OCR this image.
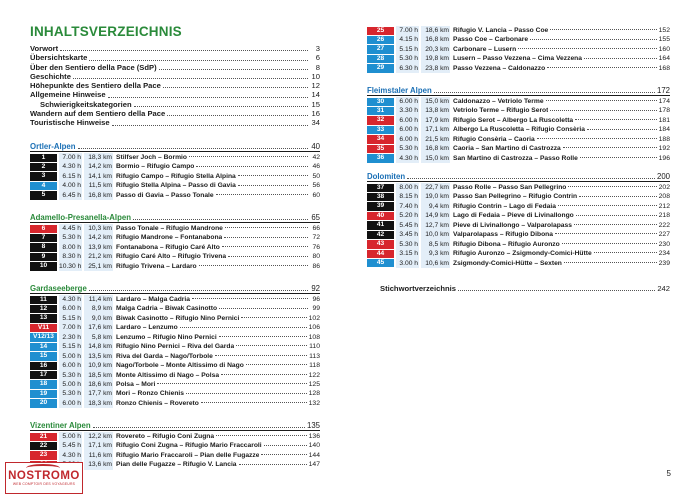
INHALTSVERZEICHNIS
Vorwort	3
Übersichtskarte	6
Über den Sentiero della Pace (SdP)	8
Geschichte	10
Höhepunkte des Sentiero della Pace	12
Allgemeine Hinweise	14
Schwierigkeitskategorien	15
Wandern auf dem Sentiero della Pace	16
Touristische Hinweise	34
Ortler-Alpen	40
1	7.00 h	18,3 km Stilfser Joch – Bormio	42
2	4.30 h	14,2 km Bormio – Rifugio Campo	46
3	6.15 h	14,1 km Rifugio Campo – Rifugio Stella Alpina	50
4	4.00 h	11,5 km Rifugio Stella Alpina – Passo di Gavia	56
5	6.45 h	16,8 km Passo di Gavia – Passo Tonale	60
Adamello-Presanella-Alpen	65
6	4.45 h	10,3 km Passo Tonale – Rifugio Mandrone	66
7	5.30 h	14,2 km Rifugio Mandrone – Fontanabona	72
8	8.00 h	13,9 km Fontanabona – Rifugio Caré Alto	76
9	8.30 h	21,2 km Rifugio Caré Alto – Rifugio Trivena	80
10	10.30 h	25,1 km Rifugio Trivena – Lardaro	86
Gardaseeberge	92
11	4.30 h	11,4 km Lardaro – Malga Cadria	96
12	6.00 h	8,9 km Malga Cadria – Biwak Casinotto	99
13	5.15 h	9,0 km Biwak Casinotto – Rifugio Nino Pernici	102
V11	7.00 h	17,6 km Lardaro – Lenzumo	106
V12/13	2.30 h	5,8 km Lenzumo – Rifugio Nino Pernici	108
14	5.15 h	14,8 km Rifugio Nino Pernici – Riva del Garda	110
15	5.00 h	13,5 km Riva del Garda – Nago/Torbole	113
16	6.00 h	10,9 km Nago/Torbole – Monte Altissimo di Nago	118
17	5.30 h	18,5 km Monte Altissimo di Nago – Polsa	122
18	5.00 h	18,6 km Polsa – Mori	125
19	5.30 h	17,7 km Mori – Ronzo Chienis	128
20	6.00 h	18,3 km Ronzo Chienis – Rovereto	132
Vizentiner Alpen	135
21	5.00 h	12,2 km Rovereto – Rifugio Coni Zugna	136
22	5.45 h	17,1 km Rifugio Coni Zugna – Rifugio Mario Fraccaroli	140
23	4.30 h	11,6 km Rifugio Mario Fraccaroli – Pian delle Fugazze	144
13,6 km Pian delle Fugazze – Rifugio V. Lancia	147
25	7.00 h	18,6 km Rifugio V. Lancia – Passo Coe	152
26	4.15 h	16,8 km Passo Coe – Carbonare	155
27	5.15 h	20,3 km Carbonare – Lusern	160
28	5.30 h	19,8 km Lusern – Passo Vezzena – Cima Vezzena	164
29	6.30 h	23,8 km Passo Vezzena – Caldonazzo	168
Fleimstaler Alpen	172
30	6.00 h	15,0 km Caldonazzo – Vetriolo Terme	174
31	3.30 h	13,8 km Vetriolo Terme – Rifugio Serot	178
32	6.00 h	17,9 km Rifugio Serot – Albergo La Ruscoletta	181
33	6.00 h	17,1 km Albergo La Ruscoletta – Rifugio Consèria	184
34	6.00 h	21,5 km Rifugio Consèria – Caoria	188
35	5.30 h	16,8 km Caoria – San Martino di Castrozza	192
36	4.30 h	15,0 km San Martino di Castrozza – Passo Rolle	196
Dolomiten	200
37	8.00 h	22,7 km Passo Rolle – Passo San Pellegrino	202
38	8.15 h	19,0 km Passo San Pellegrino – Rifugio Contrin	208
39	7.40 h	9,4 km Rifugio Contrin – Lago di Fedaia	212
40	5.20 h	14,9 km Lago di Fedaia – Pieve di Livinallongo	218
41	5.45 h	12,7 km Pieve di Livinallongo – Valparolapass	222
42	3.45 h	10,0 km Valparolapass – Rifugio Dibona	227
43	5.30 h	8,5 km Rifugio Dibona – Rifugio Auronzo	230
44	3.15 h	9,3 km Rifugio Auronzo – Zsigmondy-Comici-Hütte	234
45	3.00 h	10,6 km Zsigmondy-Comici-Hütte – Sexten	239
Stichwortverzeichnis	242
5
NOSTROMO
WEB COMPTOIR DES VOYAGEURS
